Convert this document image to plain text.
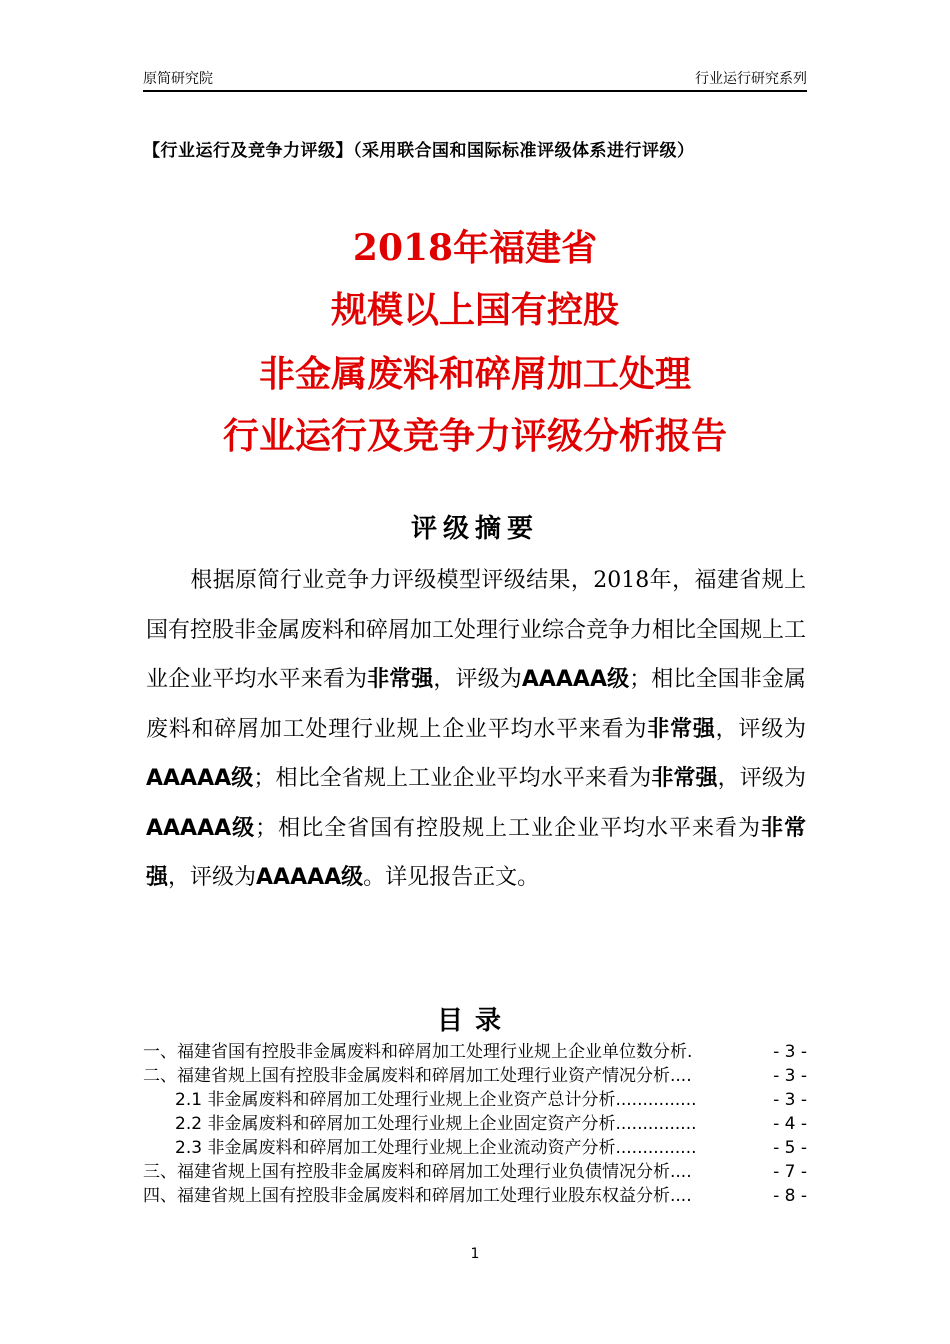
原简研究院	行业运行研究系列
【行业运行及竞争力评级】（采用联合国和国际标准评级体系进行评级）
2018年福建省
规模以上国有控股
非金属废料和碎屑加工处理
行业运行及竞争力评级分析报告
评级摘要
  根据原简行业竞争力评级模型评级结果，2018年，福建省规上国有控股非金属废料和碎屑加工处理行业综合竞争力相比全国规上工业企业平均水平来看为非常强，评级为AAAAA级；相比全国非金属废料和碎屑加工处理行业规上企业平均水平来看为非常强，评级为AAAAA级；相比全省规上工业企业平均水平来看为非常强，评级为AAAAA级；相比全省国有控股规上工业企业平均水平来看为非常强，评级为AAAAA级。详见报告正文。
目录
一、福建省国有控股非金属废料和碎屑加工处理行业规上企业单位数分析 .	- 3 -
二、福建省规上国有控股非金属废料和碎屑加工处理行业资产情况分析 ....	- 3 -
2.1 非金属废料和碎屑加工处理行业规上企业资产总计分析 ...............	- 3 -
2.2 非金属废料和碎屑加工处理行业规上企业固定资产分析 ...............	- 4 -
2.3 非金属废料和碎屑加工处理行业规上企业流动资产分析 ...............	- 5 -
三、福建省规上国有控股非金属废料和碎屑加工处理行业负债情况分析 ....	- 7 -
四、福建省规上国有控股非金属废料和碎屑加工处理行业股东权益分析 ....	- 8 -
1
